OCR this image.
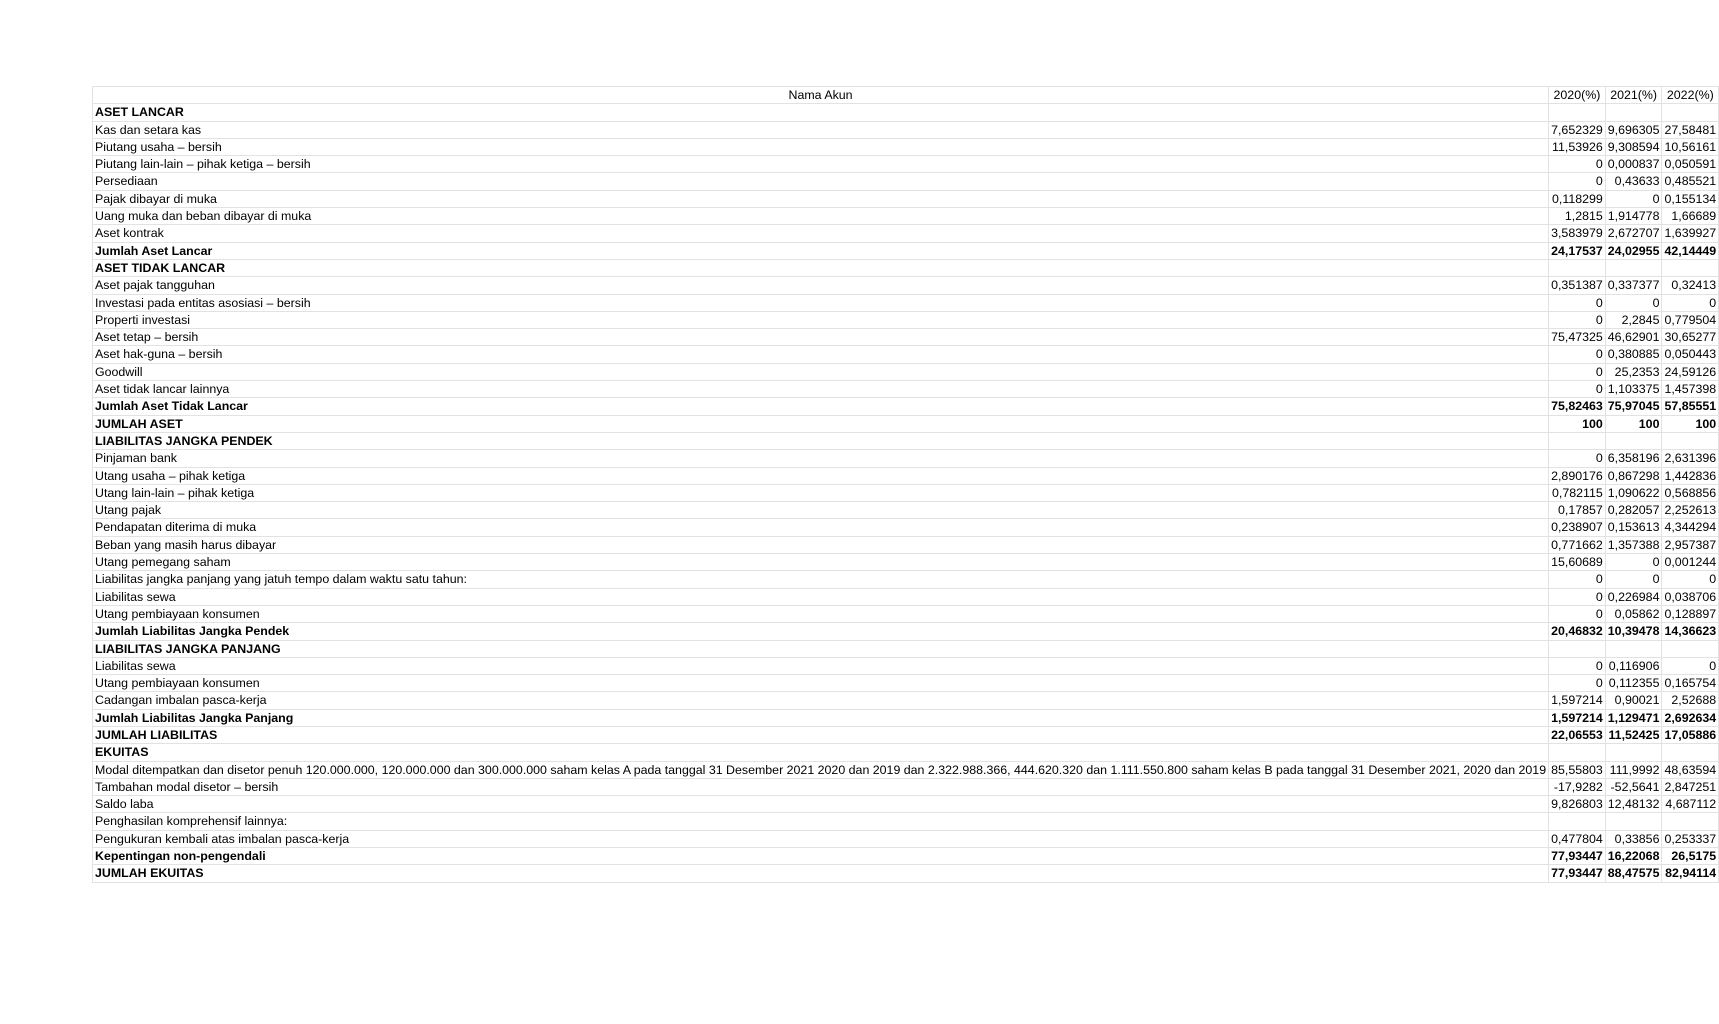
Nama Akun	2020(%)	2021(%)	2022(%)
ASET LANCAR			
Kas dan setara kas	7,652329	9,696305	27,58481
Piutang usaha – bersih	11,53926	9,308594	10,56161
Piutang lain-lain – pihak ketiga – bersih	0	0,000837	0,050591
Persediaan	0	0,43633	0,485521
Pajak dibayar di muka	0,118299	0	0,155134
Uang muka dan beban dibayar di muka	1,2815	1,914778	1,66689
Aset kontrak	3,583979	2,672707	1,639927
Jumlah Aset Lancar	24,17537	24,02955	42,14449
ASET TIDAK LANCAR			
Aset pajak tangguhan	0,351387	0,337377	0,32413
Investasi pada entitas asosiasi – bersih	0	0	0
Properti investasi	0	2,2845	0,779504
Aset tetap – bersih	75,47325	46,62901	30,65277
Aset hak-guna – bersih	0	0,380885	0,050443
Goodwill	0	25,2353	24,59126
Aset tidak lancar lainnya	0	1,103375	1,457398
Jumlah Aset Tidak Lancar	75,82463	75,97045	57,85551
JUMLAH ASET	100	100	100
LIABILITAS JANGKA PENDEK			
Pinjaman bank	0	6,358196	2,631396
Utang usaha – pihak ketiga	2,890176	0,867298	1,442836
Utang lain-lain – pihak ketiga	0,782115	1,090622	0,568856
Utang pajak	0,17857	0,282057	2,252613
Pendapatan diterima di muka	0,238907	0,153613	4,344294
Beban yang masih harus dibayar	0,771662	1,357388	2,957387
Utang pemegang saham	15,60689	0	0,001244
Liabilitas jangka panjang yang jatuh tempo dalam waktu satu tahun:	0	0	0
Liabilitas sewa	0	0,226984	0,038706
Utang pembiayaan konsumen	0	0,05862	0,128897
Jumlah Liabilitas Jangka Pendek	20,46832	10,39478	14,36623
LIABILITAS JANGKA PANJANG			
Liabilitas sewa	0	0,116906	0
Utang pembiayaan konsumen	0	0,112355	0,165754
Cadangan imbalan pasca-kerja	1,597214	0,90021	2,52688
Jumlah Liabilitas Jangka Panjang	1,597214	1,129471	2,692634
JUMLAH LIABILITAS	22,06553	11,52425	17,05886
EKUITAS			
Modal ditempatkan dan disetor penuh 120.000.000, 120.000.000 dan 300.000.000 saham kelas A pada tanggal 31 Desember 2021 2020 dan 2019 dan 2.322.988.366, 444.620.320 dan 1.111.550.800 saham kelas B pada tanggal 31 Desember 2021, 2020 dan 2019	85,55803	111,9992	48,63594
Tambahan modal disetor – bersih	-17,9282	-52,5641	2,847251
Saldo laba	9,826803	12,48132	4,687112
Penghasilan komprehensif lainnya:			
Pengukuran kembali atas imbalan pasca-kerja	0,477804	0,33856	0,253337
Kepentingan non-pengendali	77,93447	16,22068	26,5175
JUMLAH EKUITAS	77,93447	88,47575	82,94114
